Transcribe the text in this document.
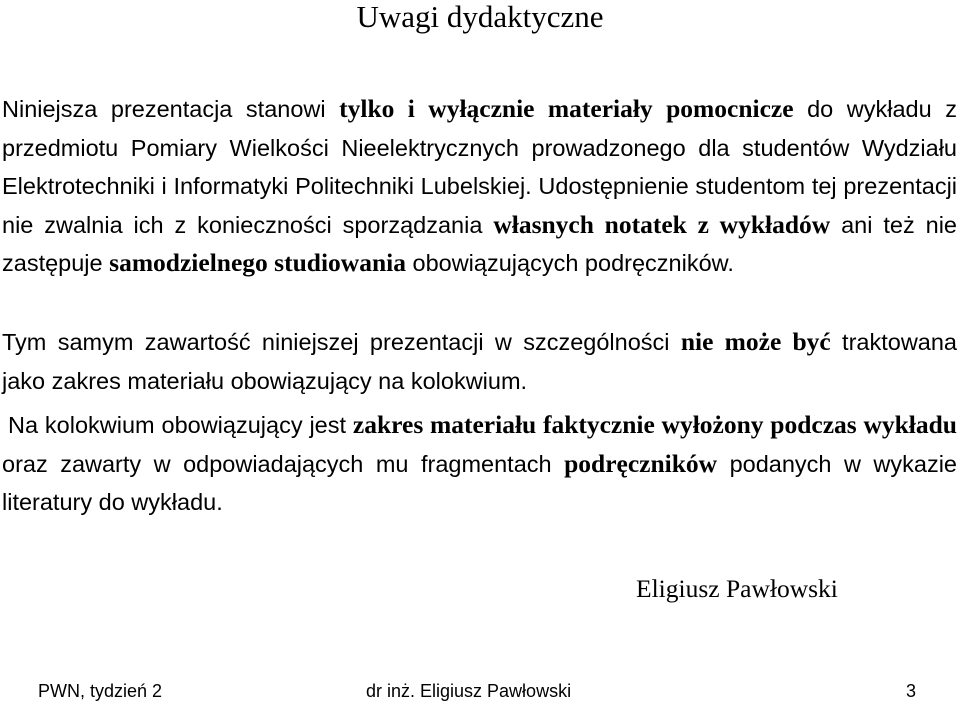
Uwagi dydaktyczne

Niniejsza prezentacja stanowi tylko i wyłącznie materiały pomocnicze do wykładu z przedmiotu Pomiary Wielkości Nieelektrycznych prowadzonego dla studentów Wydziału Elektrotechniki i Informatyki Politechniki Lubelskiej. Udostępnienie studentom tej prezentacji nie zwalnia ich z konieczności sporządzania własnych notatek z wykładów ani też nie zastępuje samodzielnego studiowania obowiązujących podręczników.

Tym samym zawartość niniejszej prezentacji w szczególności nie może być traktowana jako zakres materiału obowiązujący na kolokwium.

Na kolokwium obowiązujący jest zakres materiału faktycznie wyłożony podczas wykładu oraz zawarty w odpowiadających mu fragmentach podręczników podanych w wykazie literatury do wykładu.

Eligiusz Pawłowski
PWN, tydzień 2	dr inż. Eligiusz Pawłowski	3
